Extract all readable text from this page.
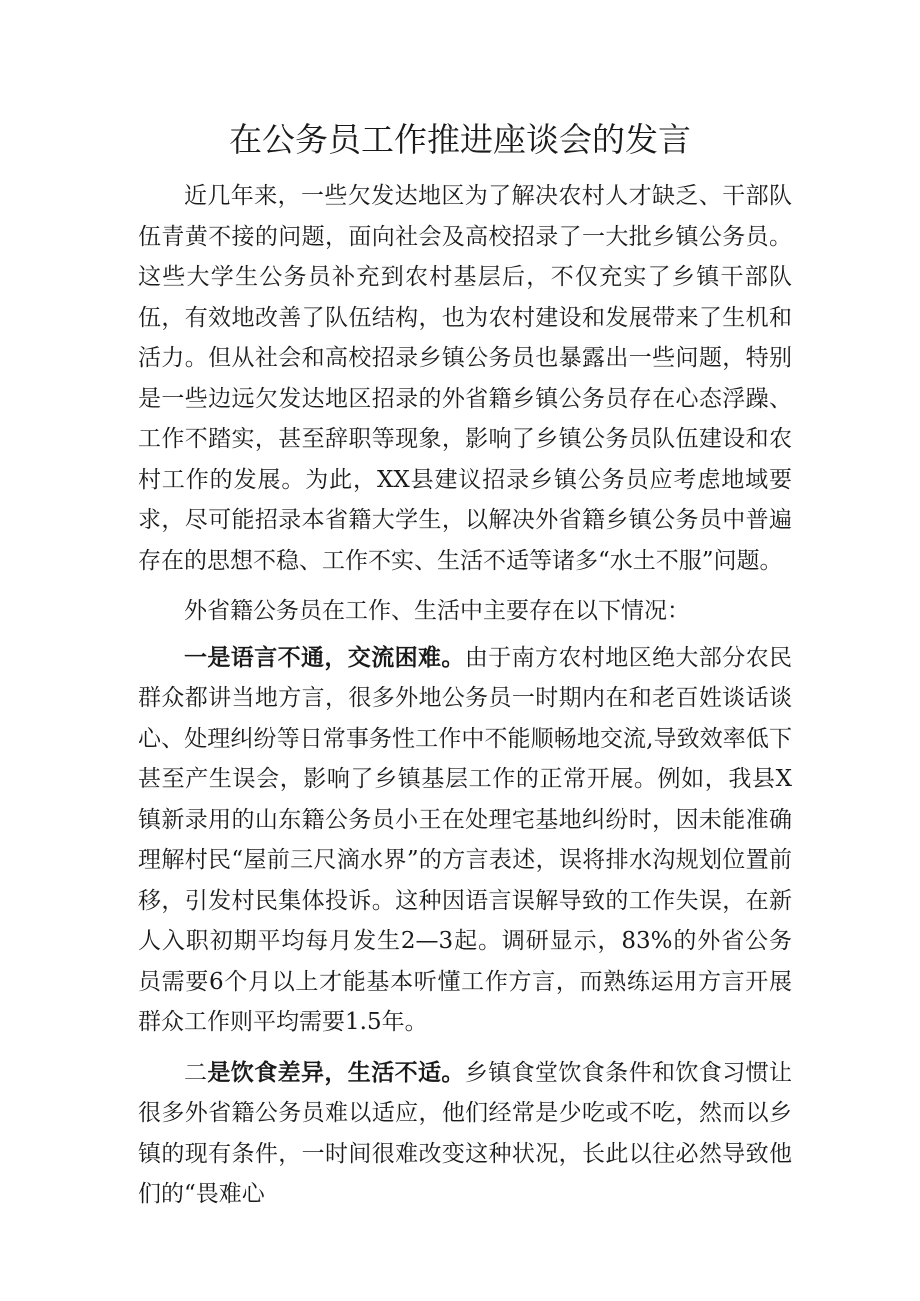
在公务员工作推进座谈会的发言

近几年来，一些欠发达地区为了解决农村人才缺乏、干部队伍青黄不接的问题，面向社会及高校招录了一大批乡镇公务员。这些大学生公务员补充到农村基层后，不仅充实了乡镇干部队伍，有效地改善了队伍结构，也为农村建设和发展带来了生机和活力。但从社会和高校招录乡镇公务员也暴露出一些问题，特别是一些边远欠发达地区招录的外省籍乡镇公务员存在心态浮躁、工作不踏实，甚至辞职等现象，影响了乡镇公务员队伍建设和农村工作的发展。为此，XX县建议招录乡镇公务员应考虑地域要求，尽可能招录本省籍大学生，以解决外省籍乡镇公务员中普遍存在的思想不稳、工作不实、生活不适等诸多“水土不服”问题。

外省籍公务员在工作、生活中主要存在以下情况：

一是语言不通，交流困难。由于南方农村地区绝大部分农民群众都讲当地方言，很多外地公务员一时期内在和老百姓谈话谈心、处理纠纷等日常事务性工作中不能顺畅地交流,导致效率低下甚至产生误会，影响了乡镇基层工作的正常开展。例如，我县X镇新录用的山东籍公务员小王在处理宅基地纠纷时，因未能准确理解村民“屋前三尺滴水界”的方言表述，误将排水沟规划位置前移，引发村民集体投诉。这种因语言误解导致的工作失误，在新人入职初期平均每月发生2—3起。调研显示，83%的外省公务员需要6个月以上才能基本听懂工作方言，而熟练运用方言开展群众工作则平均需要1.5年。

二是饮食差异，生活不适。乡镇食堂饮食条件和饮食习惯让很多外省籍公务员难以适应，他们经常是少吃或不吃，然而以乡镇的现有条件，一时间很难改变这种状况，长此以往必然导致他们的“畏难心
